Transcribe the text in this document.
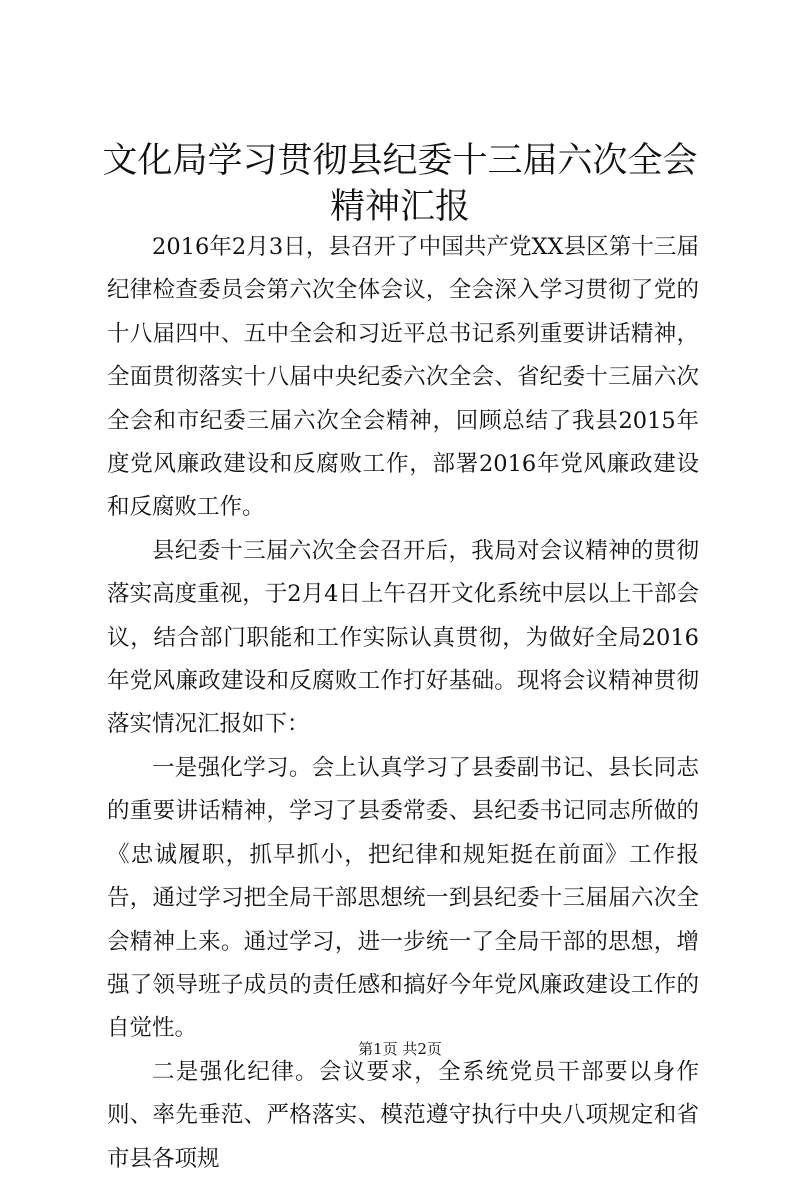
文化局学习贯彻县纪委十三届六次全会精神汇报

2016年2月3日，县召开了中国共产党XX县区第十三届纪律检查委员会第六次全体会议，全会深入学习贯彻了党的十八届四中、五中全会和习近平总书记系列重要讲话精神，全面贯彻落实十八届中央纪委六次全会、省纪委十三届六次全会和市纪委三届六次全会精神，回顾总结了我县2015年度党风廉政建设和反腐败工作，部署2016年党风廉政建设和反腐败工作。

县纪委十三届六次全会召开后，我局对会议精神的贯彻落实高度重视，于2月4日上午召开文化系统中层以上干部会议，结合部门职能和工作实际认真贯彻，为做好全局2016年党风廉政建设和反腐败工作打好基础。现将会议精神贯彻落实情况汇报如下：

一是强化学习。会上认真学习了县委副书记、县长同志的重要讲话精神，学习了县委常委、县纪委书记同志所做的《忠诚履职，抓早抓小，把纪律和规矩挺在前面》工作报告，通过学习把全局干部思想统一到县纪委十三届届六次全会精神上来。通过学习，进一步统一了全局干部的思想，增强了领导班子成员的责任感和搞好今年党风廉政建设工作的自觉性。

二是强化纪律。会议要求，全系统党员干部要以身作则、率先垂范、严格落实、模范遵守执行中央八项规定和省市县各项规

第1页 共2页
